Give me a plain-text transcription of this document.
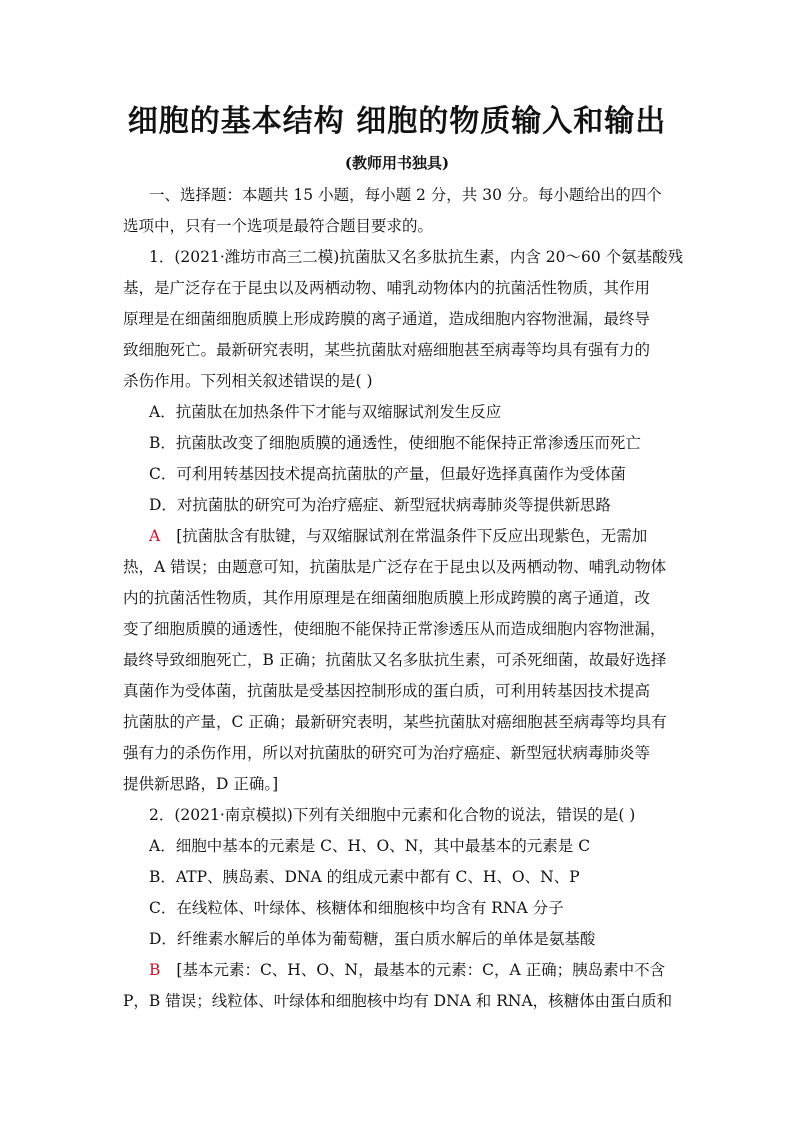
细胞的基本结构 细胞的物质输入和输出
(教师用书独具)
一、选择题：本题共 15 小题，每小题 2 分，共 30 分。每小题给出的四个
选项中，只有一个选项是最符合题目要求的。
1．(2021·潍坊市高三二模)抗菌肽又名多肽抗生素，内含 20～60 个氨基酸残
基，是广泛存在于昆虫以及两栖动物、哺乳动物体内的抗菌活性物质，其作用
原理是在细菌细胞质膜上形成跨膜的离子通道，造成细胞内容物泄漏，最终导
致细胞死亡。最新研究表明，某些抗菌肽对癌细胞甚至病毒等均具有强有力的
杀伤作用。下列相关叙述错误的是( )
A．抗菌肽在加热条件下才能与双缩脲试剂发生反应
B．抗菌肽改变了细胞质膜的通透性，使细胞不能保持正常渗透压而死亡
C．可利用转基因技术提高抗菌肽的产量，但最好选择真菌作为受体菌
D．对抗菌肽的研究可为治疗癌症、新型冠状病毒肺炎等提供新思路
A [抗菌肽含有肽键，与双缩脲试剂在常温条件下反应出现紫色，无需加
热，A 错误；由题意可知，抗菌肽是广泛存在于昆虫以及两栖动物、哺乳动物体
内的抗菌活性物质，其作用原理是在细菌细胞质膜上形成跨膜的离子通道，改
变了细胞质膜的通透性，使细胞不能保持正常渗透压从而造成细胞内容物泄漏，
最终导致细胞死亡，B 正确；抗菌肽又名多肽抗生素，可杀死细菌，故最好选择
真菌作为受体菌，抗菌肽是受基因控制形成的蛋白质，可利用转基因技术提高
抗菌肽的产量，C 正确；最新研究表明，某些抗菌肽对癌细胞甚至病毒等均具有
强有力的杀伤作用，所以对抗菌肽的研究可为治疗癌症、新型冠状病毒肺炎等
提供新思路，D 正确。]
2．(2021·南京模拟)下列有关细胞中元素和化合物的说法，错误的是( )
A．细胞中基本的元素是 C、H、O、N，其中最基本的元素是 C
B．ATP、胰岛素、DNA 的组成元素中都有 C、H、O、N、P
C．在线粒体、叶绿体、核糖体和细胞核中均含有 RNA 分子
D．纤维素水解后的单体为葡萄糖，蛋白质水解后的单体是氨基酸
B [基本元素：C、H、O、N，最基本的元素：C，A 正确；胰岛素中不含
P，B 错误；线粒体、叶绿体和细胞核中均有 DNA 和 RNA，核糖体由蛋白质和
